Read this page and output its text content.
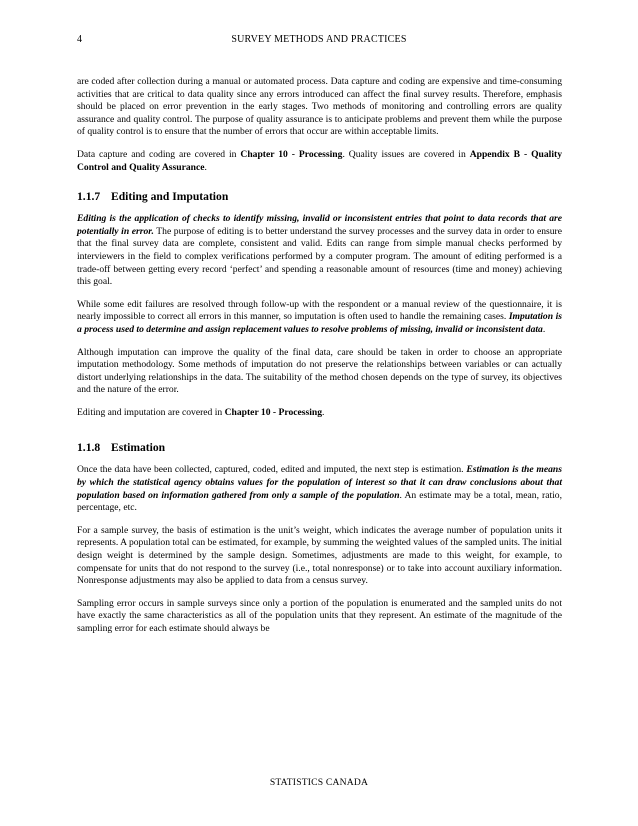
4	SURVEY METHODS AND PRACTICES

are coded after collection during a manual or automated process. Data capture and coding are expensive and time-consuming activities that are critical to data quality since any errors introduced can affect the final survey results. Therefore, emphasis should be placed on error prevention in the early stages. Two methods of monitoring and controlling errors are quality assurance and quality control. The purpose of quality assurance is to anticipate problems and prevent them while the purpose of quality control is to ensure that the number of errors that occur are within acceptable limits.

Data capture and coding are covered in Chapter 10 - Processing. Quality issues are covered in Appendix B - Quality Control and Quality Assurance.

1.1.7 Editing and Imputation

Editing is the application of checks to identify missing, invalid or inconsistent entries that point to data records that are potentially in error. The purpose of editing is to better understand the survey processes and the survey data in order to ensure that the final survey data are complete, consistent and valid. Edits can range from simple manual checks performed by interviewers in the field to complex verifications performed by a computer program. The amount of editing performed is a trade-off between getting every record ‘perfect’ and spending a reasonable amount of resources (time and money) achieving this goal.

While some edit failures are resolved through follow-up with the respondent or a manual review of the questionnaire, it is nearly impossible to correct all errors in this manner, so imputation is often used to handle the remaining cases. Imputation is a process used to determine and assign replacement values to resolve problems of missing, invalid or inconsistent data.

Although imputation can improve the quality of the final data, care should be taken in order to choose an appropriate imputation methodology. Some methods of imputation do not preserve the relationships between variables or can actually distort underlying relationships in the data. The suitability of the method chosen depends on the type of survey, its objectives and the nature of the error.

Editing and imputation are covered in Chapter 10 - Processing.

1.1.8 Estimation

Once the data have been collected, captured, coded, edited and imputed, the next step is estimation. Estimation is the means by which the statistical agency obtains values for the population of interest so that it can draw conclusions about that population based on information gathered from only a sample of the population. An estimate may be a total, mean, ratio, percentage, etc.

For a sample survey, the basis of estimation is the unit’s weight, which indicates the average number of population units it represents. A population total can be estimated, for example, by summing the weighted values of the sampled units. The initial design weight is determined by the sample design. Sometimes, adjustments are made to this weight, for example, to compensate for units that do not respond to the survey (i.e., total nonresponse) or to take into account auxiliary information. Nonresponse adjustments may also be applied to data from a census survey.

Sampling error occurs in sample surveys since only a portion of the population is enumerated and the sampled units do not have exactly the same characteristics as all of the population units that they represent. An estimate of the magnitude of the sampling error for each estimate should always be

STATISTICS CANADA
